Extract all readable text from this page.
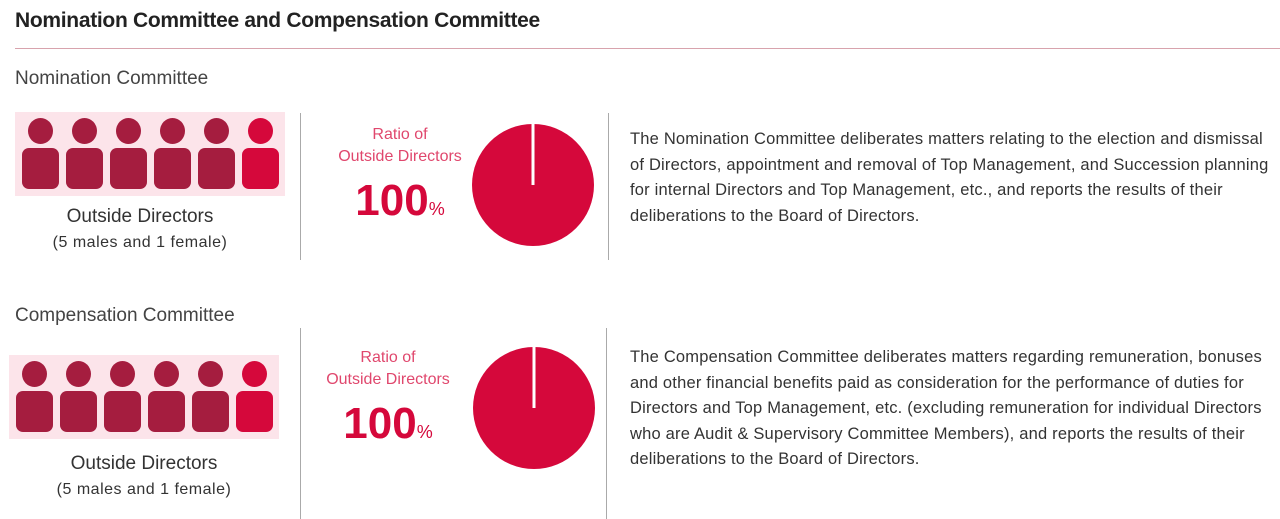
Nomination Committee and Compensation Committee
Nomination Committee
Outside Directors
(5 males and 1 female)
Ratio of
Outside Directors
100%
The Nomination Committee deliberates matters relating to the election and dismissal of Directors, appointment and removal of Top Management, and Succession planning for internal Directors and Top Management, etc., and reports the results of their deliberations to the Board of Directors.
Compensation Committee
Outside Directors
(5 males and 1 female)
Ratio of
Outside Directors
100%
The Compensation Committee deliberates matters regarding remuneration, bonuses and other financial benefits paid as consideration for the performance of duties for Directors and Top Management, etc. (excluding remuneration for individual Directors who are Audit & Supervisory Committee Members), and reports the results of their deliberations to the Board of Directors.
